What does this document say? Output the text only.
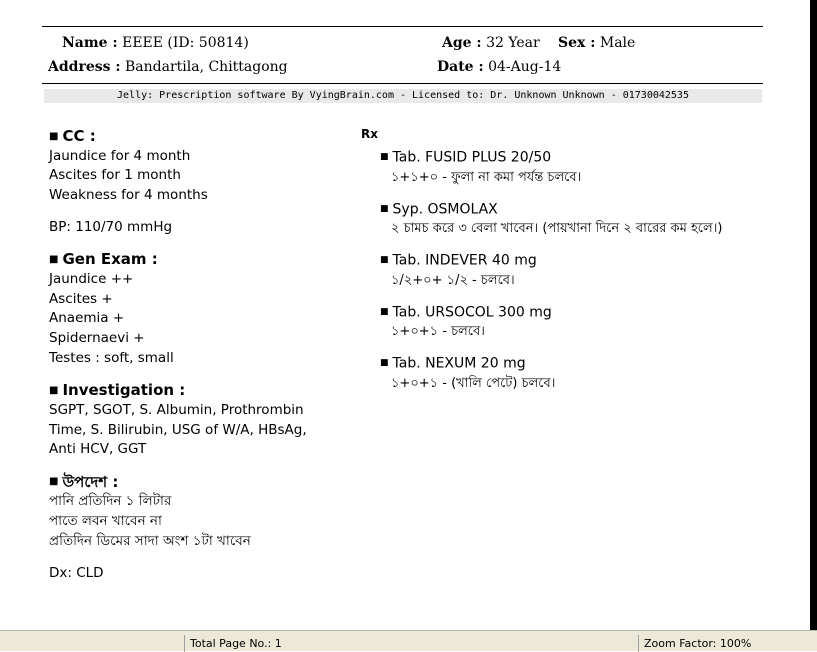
Name : EEEE (ID: 50814)
Address : Bandartila, Chittagong
Age : 32 Year Sex : Male
Date : 04-Aug-14
Jelly: Prescription software By VyingBrain.com - Licensed to: Dr. Unknown Unknown - 01730042535
■ CC :
Jaundice for 4 month
Ascites for 1 month
Weakness for 4 months
BP: 110/70 mmHg
■ Gen Exam :
Jaundice ++
Ascites +
Anaemia +
Spidernaevi +
Testes : soft, small
■ Investigation :
SGPT, SGOT, S. Albumin, Prothrombin
Time, S. Bilirubin, USG of W/A, HBsAg,
Anti HCV, GGT
■ উপদেশ :
পানি প্রতিদিন ১ লিটার
পাতে লবন খাবেন না
প্রতিদিন ডিমের সাদা অংশ ১টা খাবেন
Dx: CLD
Rx
■ Tab. FUSID PLUS 20/50
১+১+০ - ফুলা না কমা পর্যন্ত চলবে।
■ Syp. OSMOLAX
২ চামচ করে ৩ বেলা খাবেন। (পায়খানা দিনে ২ বারের কম হলে।)
■ Tab. INDEVER 40 mg
১/২+০+ ১/২ - চলবে।
■ Tab. URSOCOL 300 mg
১+০+১ - চলবে।
■ Tab. NEXUM 20 mg
১+০+১ - (খালি পেটে) চলবে।
Total Page No.: 1	Zoom Factor: 100%
